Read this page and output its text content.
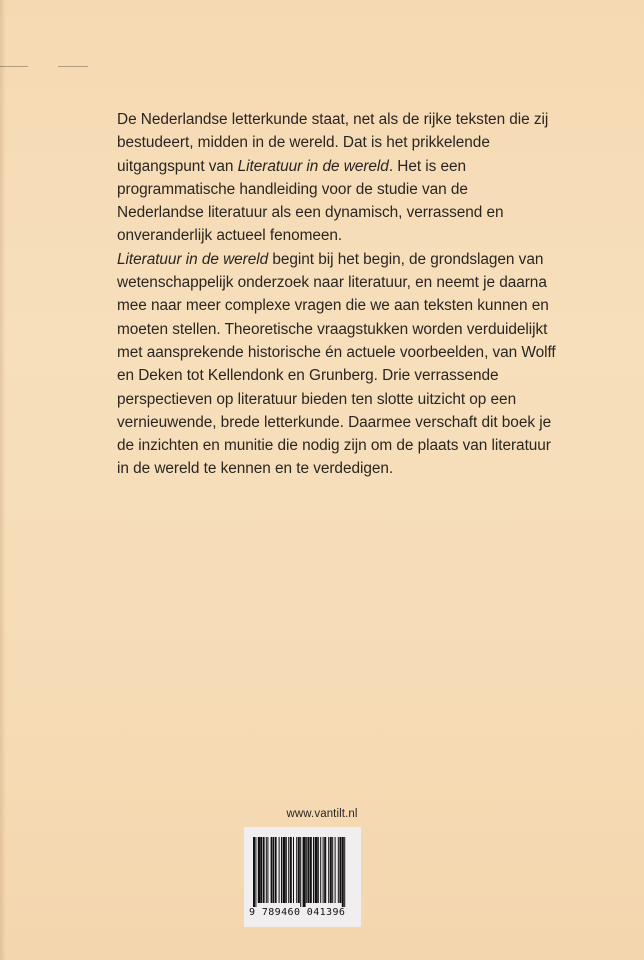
De Nederlandse letterkunde staat, net als de rijke teksten die zij bestudeert, midden in de wereld. Dat is het prikkelende uitgangspunt van Literatuur in de wereld. Het is een programmatische handleiding voor de studie van de Nederlandse literatuur als een dynamisch, verrassend en onveranderlijk actueel fenomeen.

Literatuur in de wereld begint bij het begin, de grondslagen van wetenschappelijk onderzoek naar literatuur, en neemt je daarna mee naar meer complexe vragen die we aan teksten kunnen en moeten stellen. Theoretische vraagstukken worden verduidelijkt met aansprekende historische én actuele voorbeelden, van Wolff en Deken tot Kellendonk en Grunberg. Drie verrassende perspectieven op literatuur bieden ten slotte uitzicht op een vernieuwende, brede letterkunde. Daarmee verschaft dit boek je de inzichten en munitie die nodig zijn om de plaats van literatuur in de wereld te kennen en te verdedigen.

www.vantilt.nl
9 789460 041396
